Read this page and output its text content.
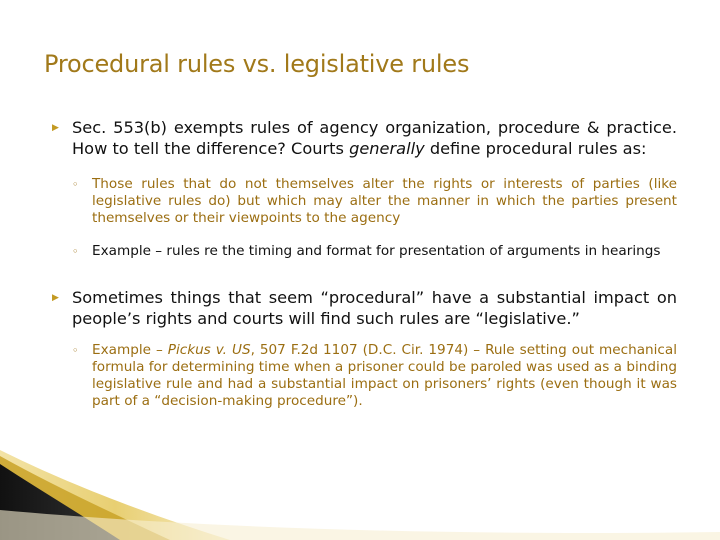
Procedural rules vs. legislative rules
▶ Sec. 553(b) exempts rules of agency organization, procedure & practice. How to tell the difference? Courts generally define procedural rules as:
◦ Those rules that do not themselves alter the rights or interests of parties (like legislative rules do) but which may alter the manner in which the parties present themselves or their viewpoints to the agency
◦ Example – rules re the timing and format for presentation of arguments in hearings
▶ Sometimes things that seem “procedural” have a substantial impact on people’s rights and courts will find such rules are “legislative.”
◦ Example – Pickus v. US, 507 F.2d 1107 (D.C. Cir. 1974) – Rule setting out mechanical formula for determining time when a prisoner could be paroled was used as a binding legislative rule and had a substantial impact on prisoners’ rights (even though it was part of a “decision-making procedure”).
